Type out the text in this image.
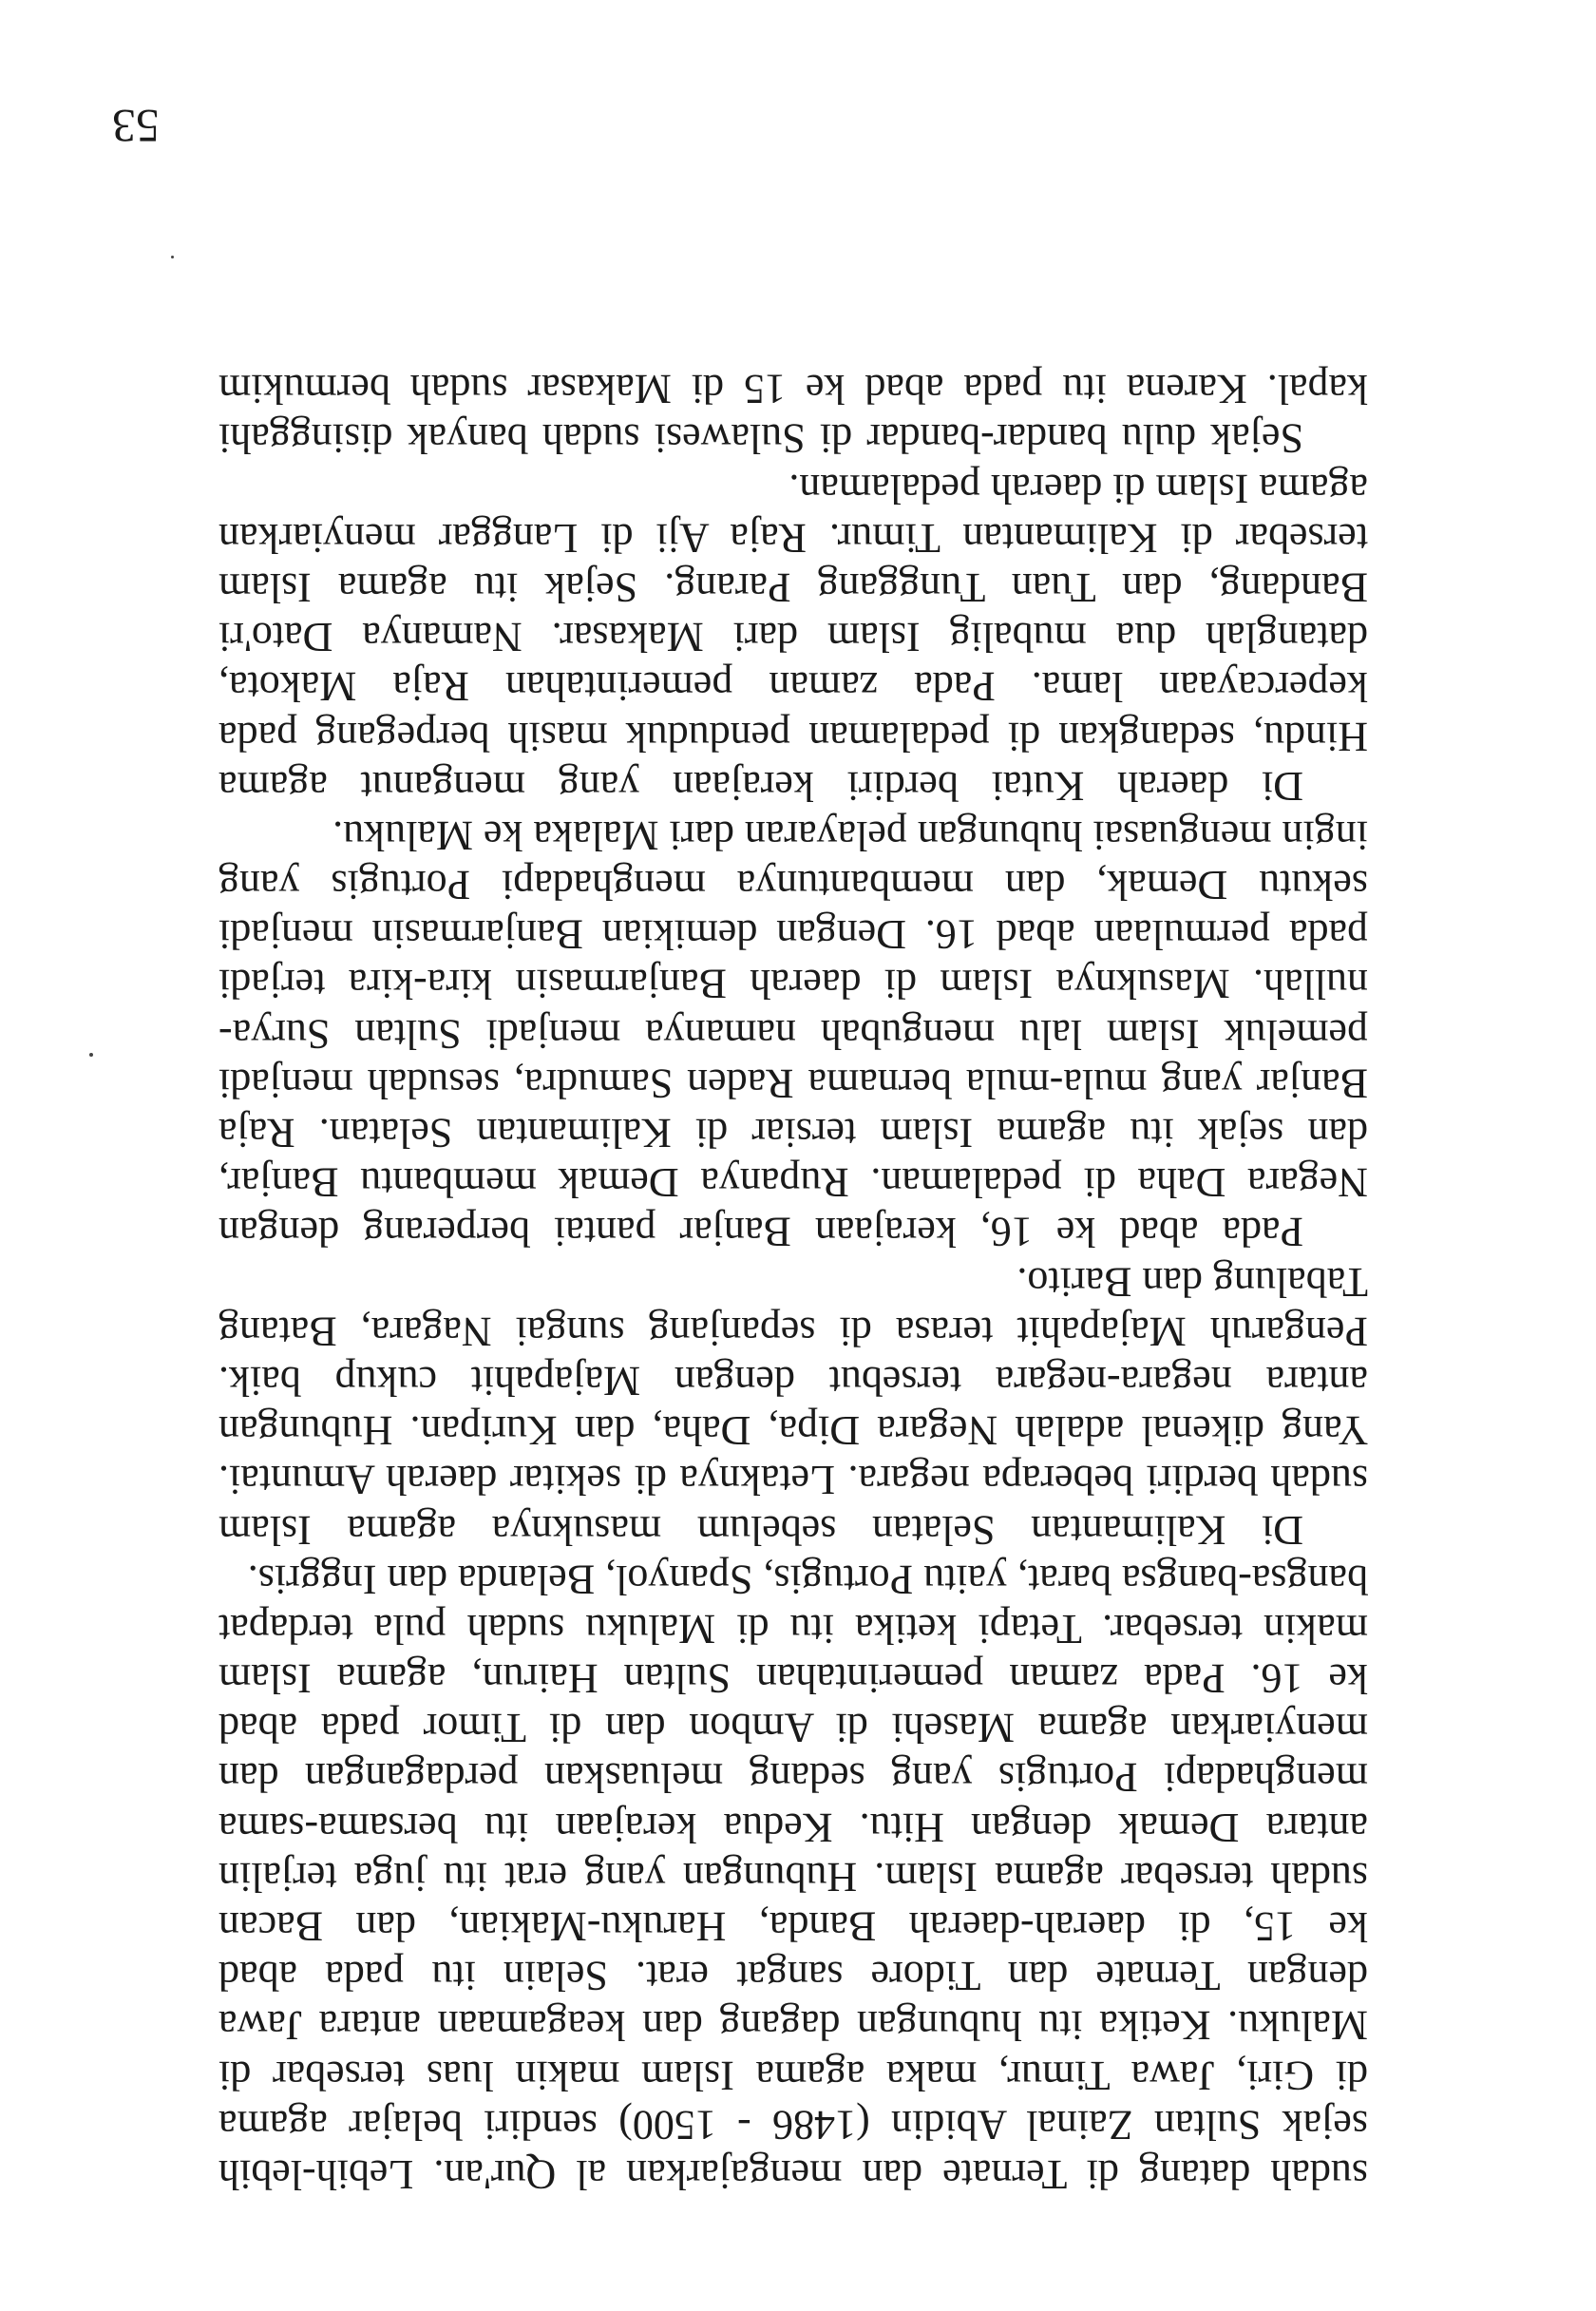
sudah datang di Ternate dan mengajarkan al Qur'an. Lebih-lebih
sejak Sultan Zainal Abidin (1486 - 1500) sendiri belajar agama
di Giri, Jawa Timur, maka agama Islam makin luas tersebar di
Maluku. Ketika itu hubungan dagang dan keagamaan antara Jawa
dengan Ternate dan Tidore sangat erat. Selain itu pada abad
ke 15, di daerah-daerah Banda, Haruku-Makian, dan Bacan
sudah tersebar agama Islam. Hubungan yang erat itu juga terjalin
antara Demak dengan Hitu. Kedua kerajaan itu bersama-sama
menghadapi Portugis yang sedang meluaskan perdagangan dan
menyiarkan agama Masehi di Ambon dan di Timor pada abad
ke 16. Pada zaman pemerintahan Sultan Hairun, agama Islam
makin tersebar. Tetapi ketika itu di Maluku sudah pula terdapat
bangsa-bangsa barat, yaitu Portugis, Spanyol, Belanda dan Inggris.
Di Kalimantan Selatan sebelum masuknya agama Islam
sudah berdiri beberapa negara. Letaknya di sekitar daerah Amuntai.
Yang dikenal adalah Negara Dipa, Daha, dan Kuripan. Hubungan
antara negara-negara tersebut dengan Majapahit cukup baik.
Pengaruh Majapahit terasa di sepanjang sungai Nagara, Batang
Tabalung dan Barito.
Pada abad ke 16, kerajaan Banjar pantai berperang dengan
Negara Daha di pedalaman. Rupanya Demak membantu Banjar,
dan sejak itu agama Islam tersiar di Kalimantan Selatan. Raja
Banjar yang mula-mula bernama Raden Samudra, sesudah menjadi
pemeluk Islam lalu mengubah namanya menjadi Sultan Surya-
nullah. Masuknya Islam di daerah Banjarmasin kira-kira terjadi
pada permulaan abad 16. Dengan demikian Banjarmasin menjadi
sekutu Demak, dan membantunya menghadapi Portugis yang
ingin menguasai hubungan pelayaran dari Malaka ke Maluku.
Di daerah Kutai berdiri kerajaan yang menganut agama
Hindu, sedangkan di pedalaman penduduk masih berpegang pada
kepercayaan lama. Pada zaman pemerintahan Raja Makota,
datanglah dua mubalig Islam dari Makasar. Namanya Dato'ri
Bandang, dan Tuan Tunggang Parang. Sejak itu agama Islam
tersebar di Kalimantan Timur. Raja Aji di Langgar menyiarkan
agama Islam di daerah pedalaman.
Sejak dulu bandar-bandar di Sulawesi sudah banyak disinggahi
kapal. Karena itu pada abad ke 15 di Makasar sudah bermukim
53
